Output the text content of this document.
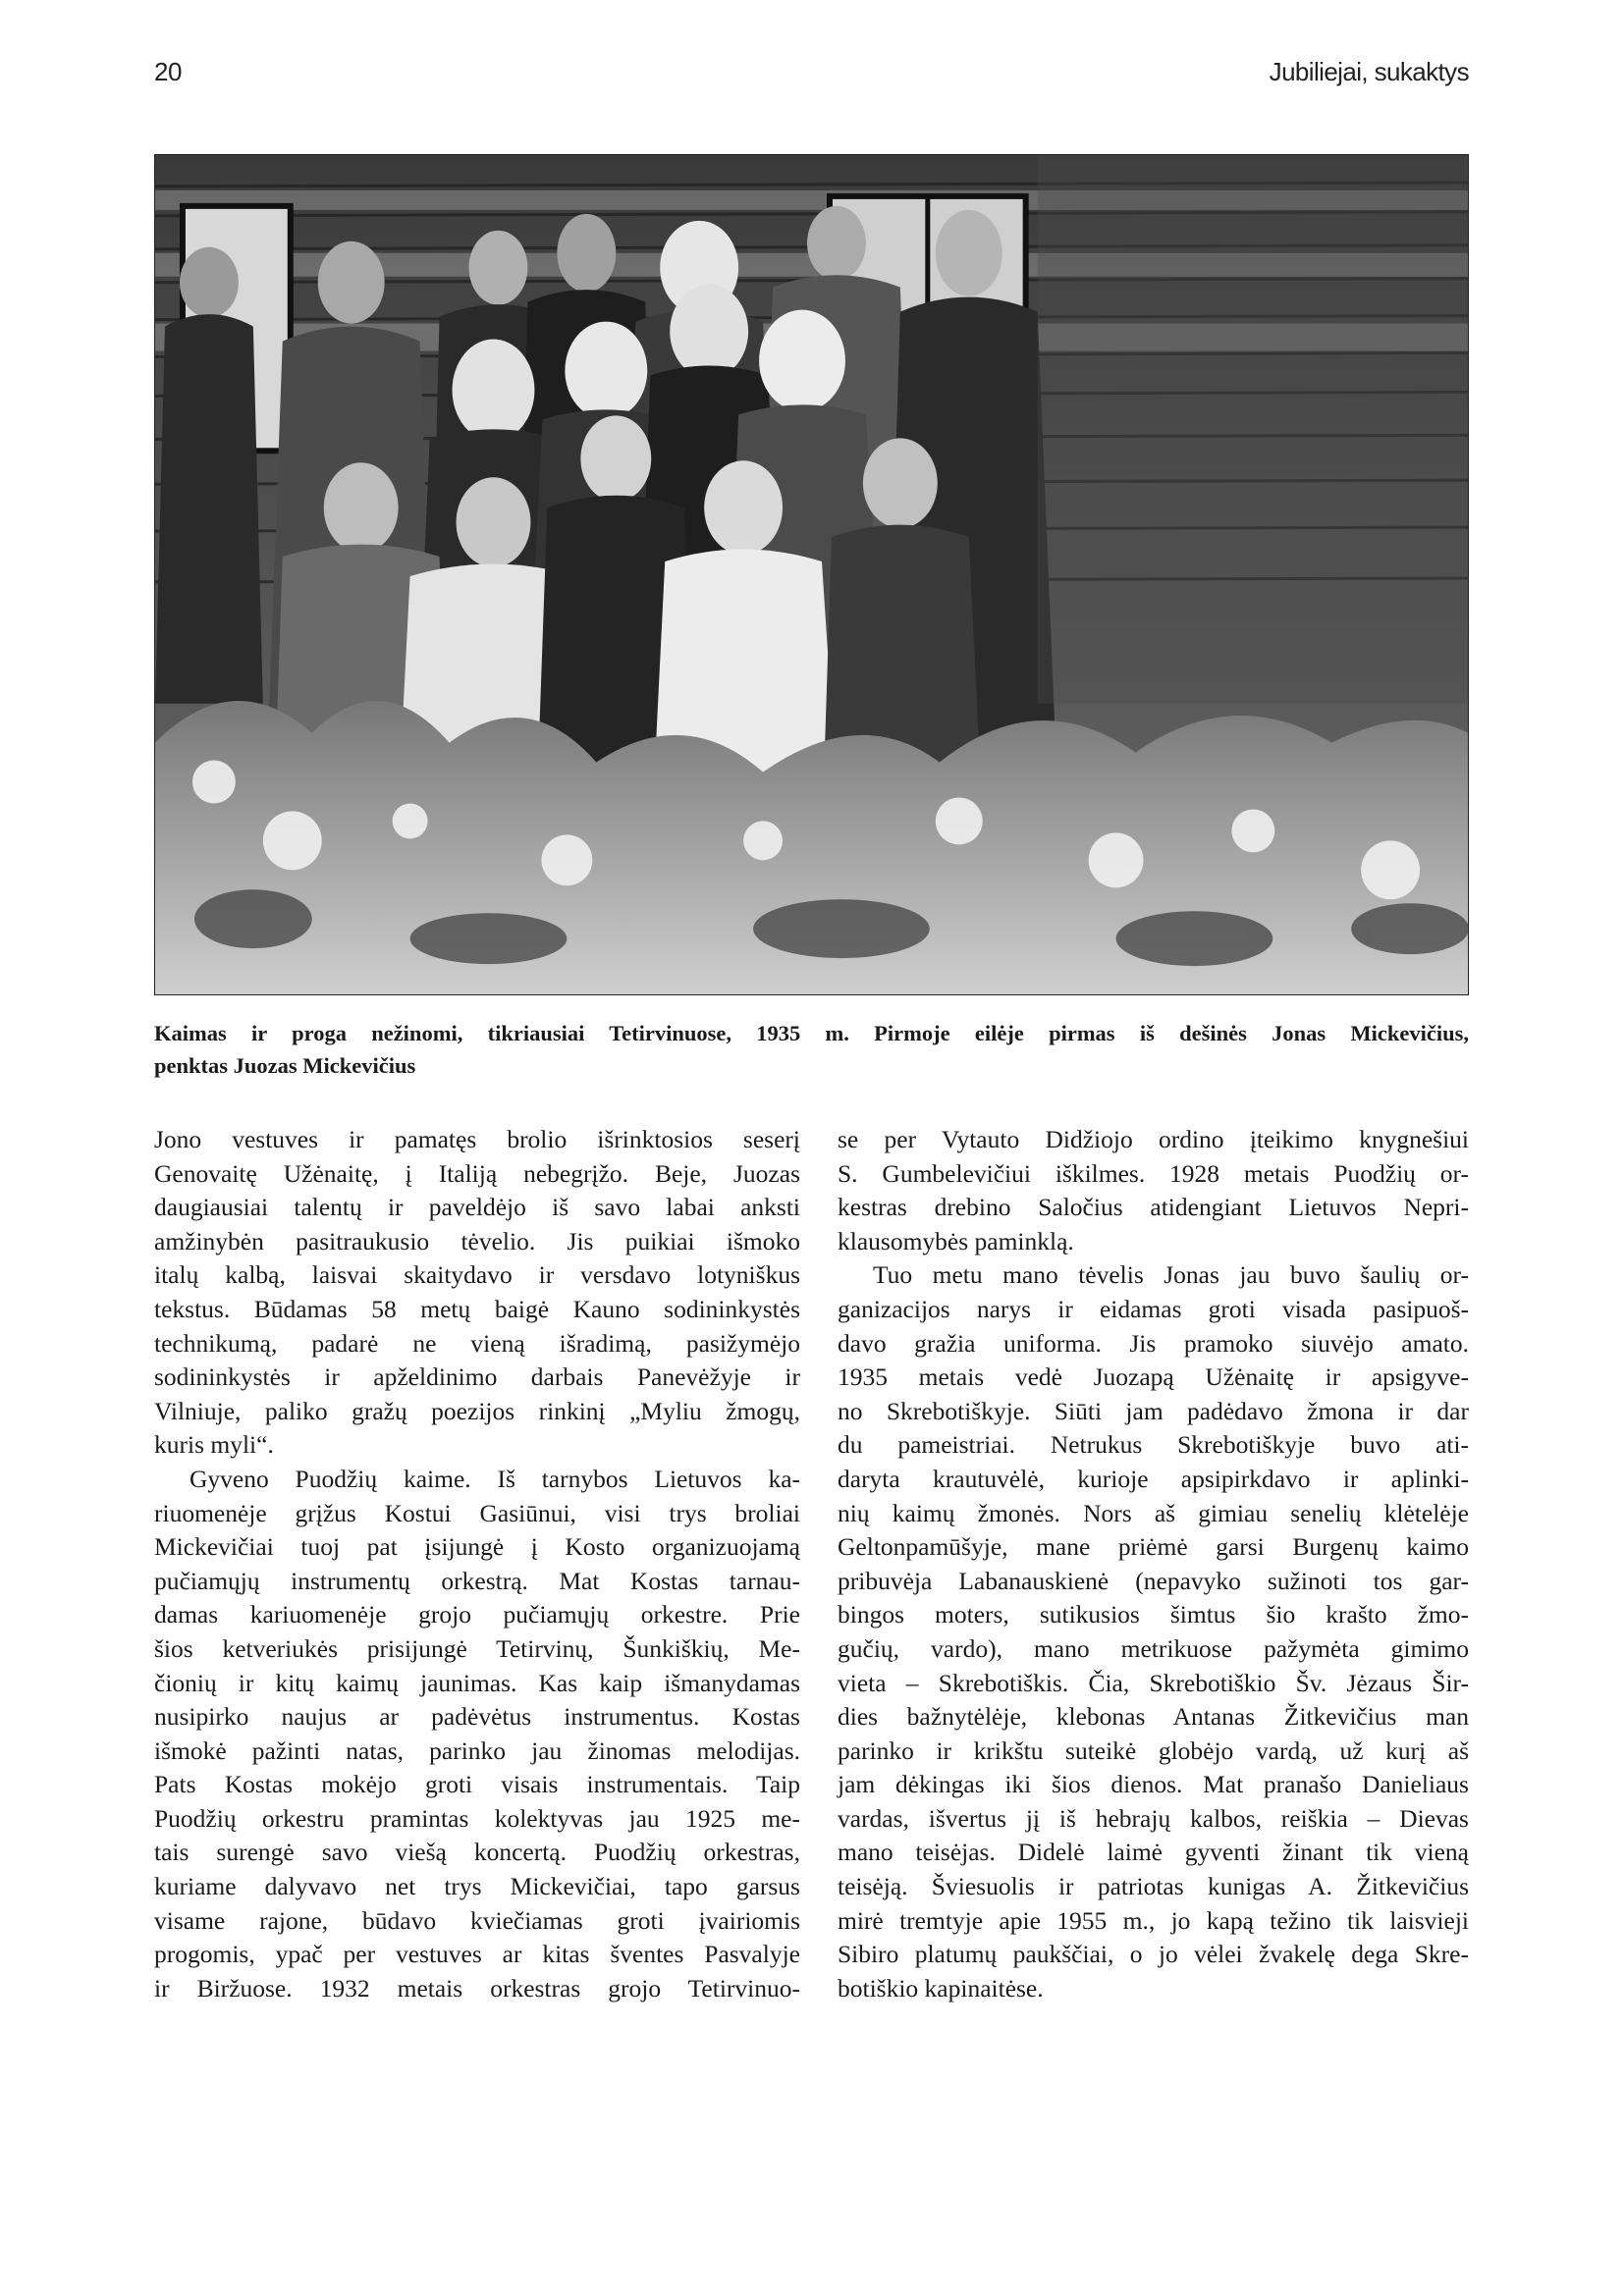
20	Jubiliejai, sukaktys
Kaimas ir proga nežinomi, tikriausiai Tetirvinuose, 1935 m. Pirmoje eilėje pirmas iš dešinės Jonas Mickevičius,
penktas Juozas Mickevičius

Jono vestuves ir pamatęs brolio išrinktosios seserį
Genovaitę Užėnaitę, į Italiją nebegrįžo. Beje, Juozas
daugiausiai talentų ir paveldėjo iš savo labai anksti
amžinybėn pasitraukusio tėvelio. Jis puikiai išmoko
italų kalbą, laisvai skaitydavo ir versdavo lotyniškus
tekstus. Būdamas 58 metų baigė Kauno sodininkystės
technikumą, padarė ne vieną išradimą, pasižymėjo
sodininkystės ir apželdinimo darbais Panevėžyje ir
Vilniuje, paliko gražų poezijos rinkinį „Myliu žmogų,
kuris myli“.

Gyveno Puodžių kaime. Iš tarnybos Lietuvos ka-
riuomenėje grįžus Kostui Gasiūnui, visi trys broliai
Mickevičiai tuoj pat įsijungė į Kosto organizuojamą
pučiamųjų instrumentų orkestrą. Mat Kostas tarnau-
damas kariuomenėje grojo pučiamųjų orkestre. Prie
šios ketveriukės prisijungė Tetirvinų, Šunkiškių, Me-
čionių ir kitų kaimų jaunimas. Kas kaip išmanydamas
nusipirko naujus ar padėvėtus instrumentus. Kostas
išmokė pažinti natas, parinko jau žinomas melodijas.
Pats Kostas mokėjo groti visais instrumentais. Taip
Puodžių orkestru pramintas kolektyvas jau 1925 me-
tais surengė savo viešą koncertą. Puodžių orkestras,
kuriame dalyvavo net trys Mickevičiai, tapo garsus
visame rajone, būdavo kviečiamas groti įvairiomis
progomis, ypač per vestuves ar kitas šventes Pasvalyje
ir Biržuose. 1932 metais orkestras grojo Tetirvinuo-

se per Vytauto Didžiojo ordino įteikimo knygnešiui
S. Gumbelevičiui iškilmes. 1928 metais Puodžių or-
kestras drebino Saločius atidengiant Lietuvos Nepri-
klausomybės paminklą.

Tuo metu mano tėvelis Jonas jau buvo šaulių or-
ganizacijos narys ir eidamas groti visada pasipuoš-
davo gražia uniforma. Jis pramoko siuvėjo amato.
1935 metais vedė Juozapą Užėnaitę ir apsigyve-
no Skrebotiškyje. Siūti jam padėdavo žmona ir dar
du pameistriai. Netrukus Skrebotiškyje buvo ati-
daryta krautuvėlė, kurioje apsipirkdavo ir aplinki-
nių kaimų žmonės. Nors aš gimiau senelių klėtelėje
Geltonpamūšyje, mane priėmė garsi Burgenų kaimo
pribuvėja Labanauskienė (nepavyko sužinoti tos gar-
bingos moters, sutikusios šimtus šio krašto žmo-
gučių, vardo), mano metrikuose pažymėta gimimo
vieta – Skrebotiškis. Čia, Skrebotiškio Šv. Jėzaus Šir-
dies bažnytėlėje, klebonas Antanas Žitkevičius man
parinko ir krikštu suteikė globėjo vardą, už kurį aš
jam dėkingas iki šios dienos. Mat pranašo Danieliaus
vardas, išvertus jį iš hebrajų kalbos, reiškia – Dievas
mano teisėjas. Didelė laimė gyventi žinant tik vieną
teisėją. Šviesuolis ir patriotas kunigas A. Žitkevičius
mirė tremtyje apie 1955 m., jo kapą težino tik laisvieji
Sibiro platumų paukščiai, o jo vėlei žvakelę dega Skre-
botiškio kapinaitėse.
